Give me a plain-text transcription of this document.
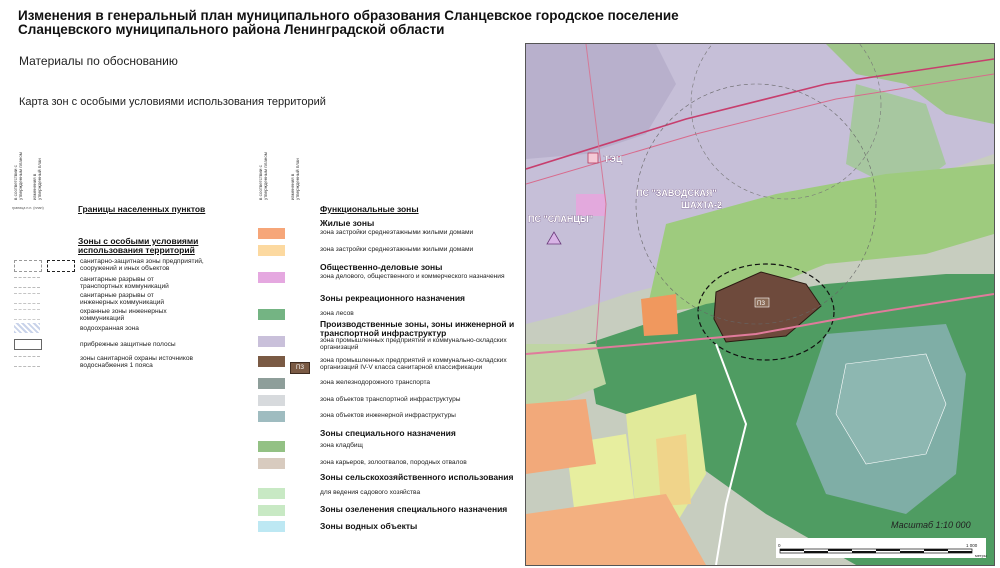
Изменения в генеральный план муниципального образования Сланцевское городское поселение
Сланцевского муниципального района Ленинградской области
Материалы по обоснованию
Карта зон с особыми условиями использования территорий
в соответствии с утвержденным планом изменения в утвержденный план
граница н.п. (план)	Границы населенных пунктов
Зоны с особыми условиями использования территорий
санитарно-защитная зоны предприятий, сооружений и иных объектов
санитарные разрывы от транспортных коммуникаций
санитарные разрывы от инженерных коммуникаций
охранные зоны инженерных коммуникаций
водоохранная зона
прибрежные защитные полосы
зоны санитарной охраны источников водоснабжения 1 пояса
в соответствии с утвержденным планом	изменения в утвержденный план
Функциональные зоны
ПЗ
Жилые зоны
зона застройки среднеэтажными жилыми домами
зона застройки среднеэтажными жилыми домами
Общественно-деловые зоны
зона делового, общественного и коммерческого назначения
Зоны рекреационного назначения
зона лесов
Производственные зоны, зоны инженерной и транспортной инфраструктур
зона промышленных предприятий и коммунально-складских организаций
зона промышленных предприятий и коммунально-складских организаций IV-V класса санитарной классификации
зона железнодорожного транспорта
зона объектов транспортной инфраструктуры
зона объектов инженерной инфраструктуры
Зоны специального назначения
зона кладбищ
зона карьеров, золоотвалов, породных отвалов
Зоны сельскохозяйственного использования
для ведения садового хозяйства
Зоны озеленения специального назначения
Зоны водных объекты
ПЗ
ТЭЦ
ПС "ЗАВОДСКАЯ"
ШАХТА-2
ПС "СЛАНЦЫ"
Масштаб 1:10 000
0	1 000
метры
